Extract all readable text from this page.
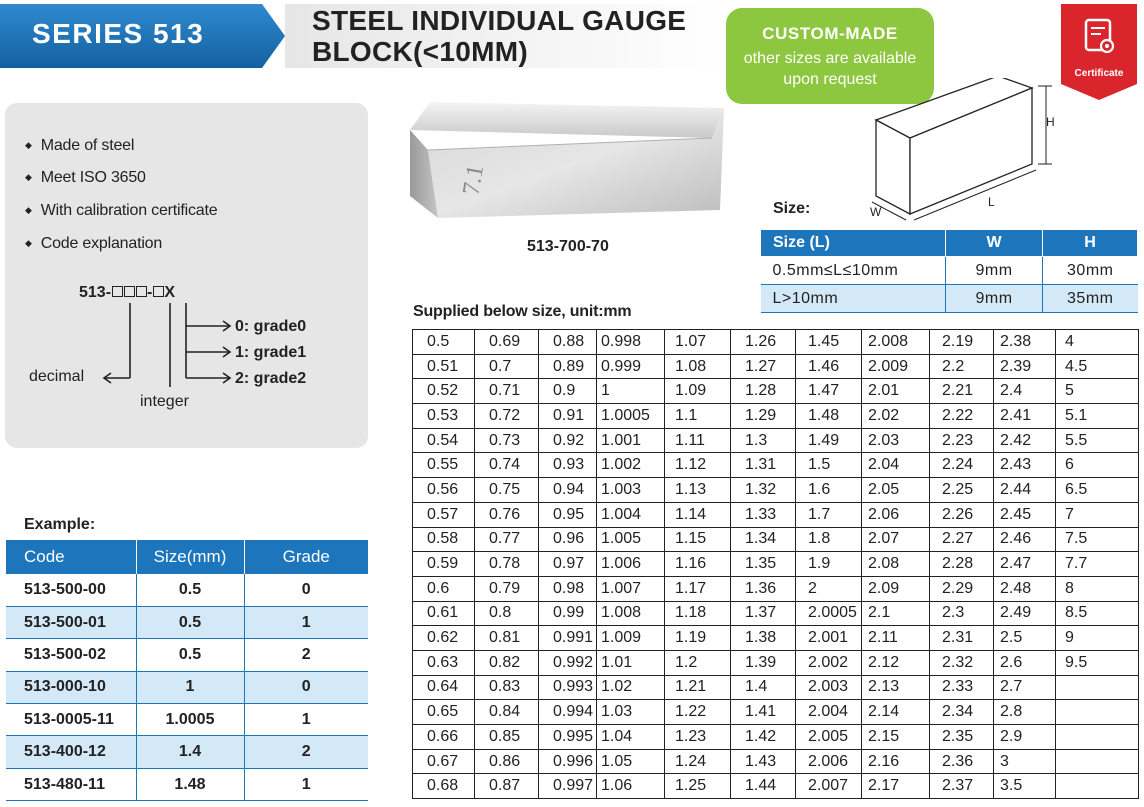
SERIES 513	STEEL INDIVIDUAL GAUGE
BLOCK(<10MM)
CUSTOM-MADE
other sizes are available
upon request	Certificate
◆ Made of steel
◆ Meet ISO 3650
◆ With calibration certificate
◆ Code explanation
513- - X
0: grade0
1: grade1
2: grade2
decimal
integer
7.1
513-700-70
H
L
W
Size:
Size (L)	W	H
0.5mm≤L≤10mm	9mm	30mm
L>10mm	9mm	35mm
Supplied below size, unit:mm
0.5	0.69	0.88	0.998	1.07	1.26	1.45	2.008	2.19	2.38	4
0.51	0.7	0.89	0.999	1.08	1.27	1.46	2.009	2.2	2.39	4.5
0.52	0.71	0.9	1	1.09	1.28	1.47	2.01	2.21	2.4	5
0.53	0.72	0.91	1.0005	1.1	1.29	1.48	2.02	2.22	2.41	5.1
0.54	0.73	0.92	1.001	1.11	1.3	1.49	2.03	2.23	2.42	5.5
0.55	0.74	0.93	1.002	1.12	1.31	1.5	2.04	2.24	2.43	6
0.56	0.75	0.94	1.003	1.13	1.32	1.6	2.05	2.25	2.44	6.5
0.57	0.76	0.95	1.004	1.14	1.33	1.7	2.06	2.26	2.45	7
0.58	0.77	0.96	1.005	1.15	1.34	1.8	2.07	2.27	2.46	7.5
0.59	0.78	0.97	1.006	1.16	1.35	1.9	2.08	2.28	2.47	7.7
0.6	0.79	0.98	1.007	1.17	1.36	2	2.09	2.29	2.48	8
0.61	0.8	0.99	1.008	1.18	1.37	2.0005	2.1	2.3	2.49	8.5
0.62	0.81	0.991	1.009	1.19	1.38	2.001	2.11	2.31	2.5	9
0.63	0.82	0.992	1.01	1.2	1.39	2.002	2.12	2.32	2.6	9.5
0.64	0.83	0.993	1.02	1.21	1.4	2.003	2.13	2.33	2.7	
0.65	0.84	0.994	1.03	1.22	1.41	2.004	2.14	2.34	2.8	
0.66	0.85	0.995	1.04	1.23	1.42	2.005	2.15	2.35	2.9	
0.67	0.86	0.996	1.05	1.24	1.43	2.006	2.16	2.36	3	
0.68	0.87	0.997	1.06	1.25	1.44	2.007	2.17	2.37	3.5	
Example:
Code	Size(mm)	Grade
513-500-00	0.5	0
513-500-01	0.5	1
513-500-02	0.5	2
513-000-10	1	0
513-0005-11	1.0005	1
513-400-12	1.4	2
513-480-11	1.48	1
